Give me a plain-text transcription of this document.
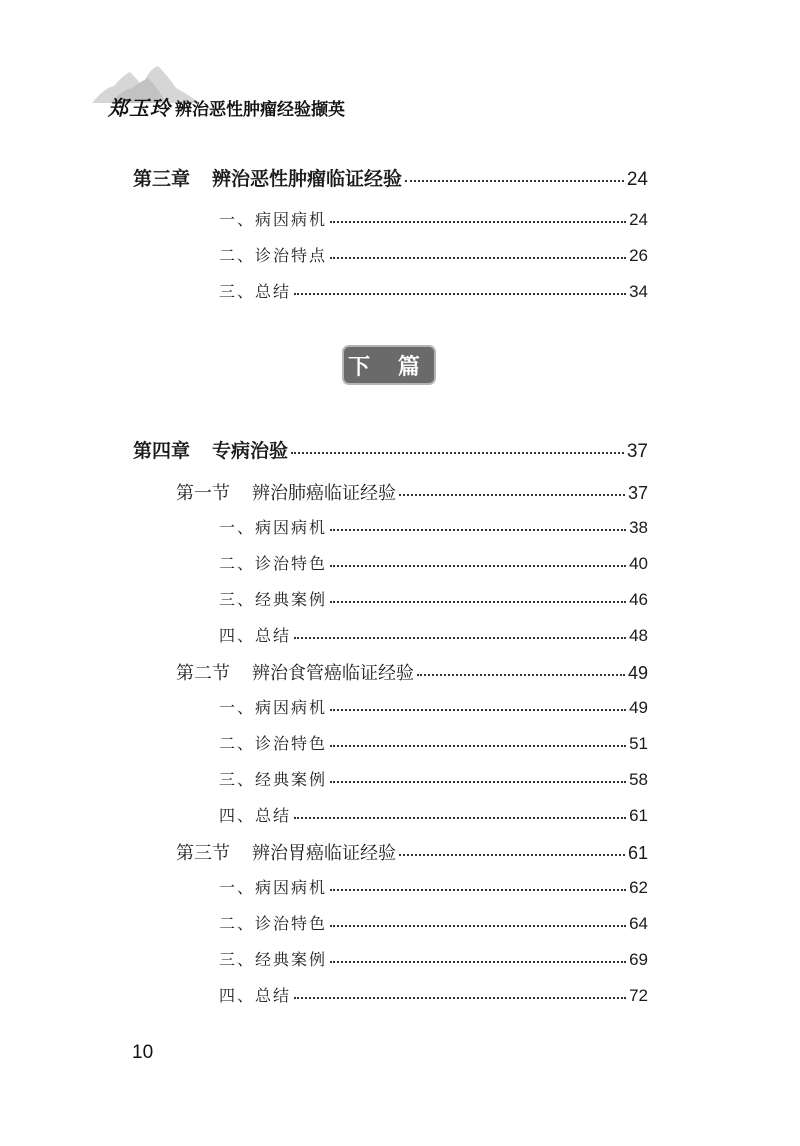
郑玉玲 辨治恶性肿瘤经验撷英
第三章 辨治恶性肿瘤临证经验	24
一、病因病机	24
二、诊治特点	26
三、总结	34
下 篇
第四章 专病治验	37
第一节 辨治肺癌临证经验	37
一、病因病机	38
二、诊治特色	40
三、经典案例	46
四、总结	48
第二节 辨治食管癌临证经验	49
一、病因病机	49
二、诊治特色	51
三、经典案例	58
四、总结	61
第三节 辨治胃癌临证经验	61
一、病因病机	62
二、诊治特色	64
三、经典案例	69
四、总结	72
10
